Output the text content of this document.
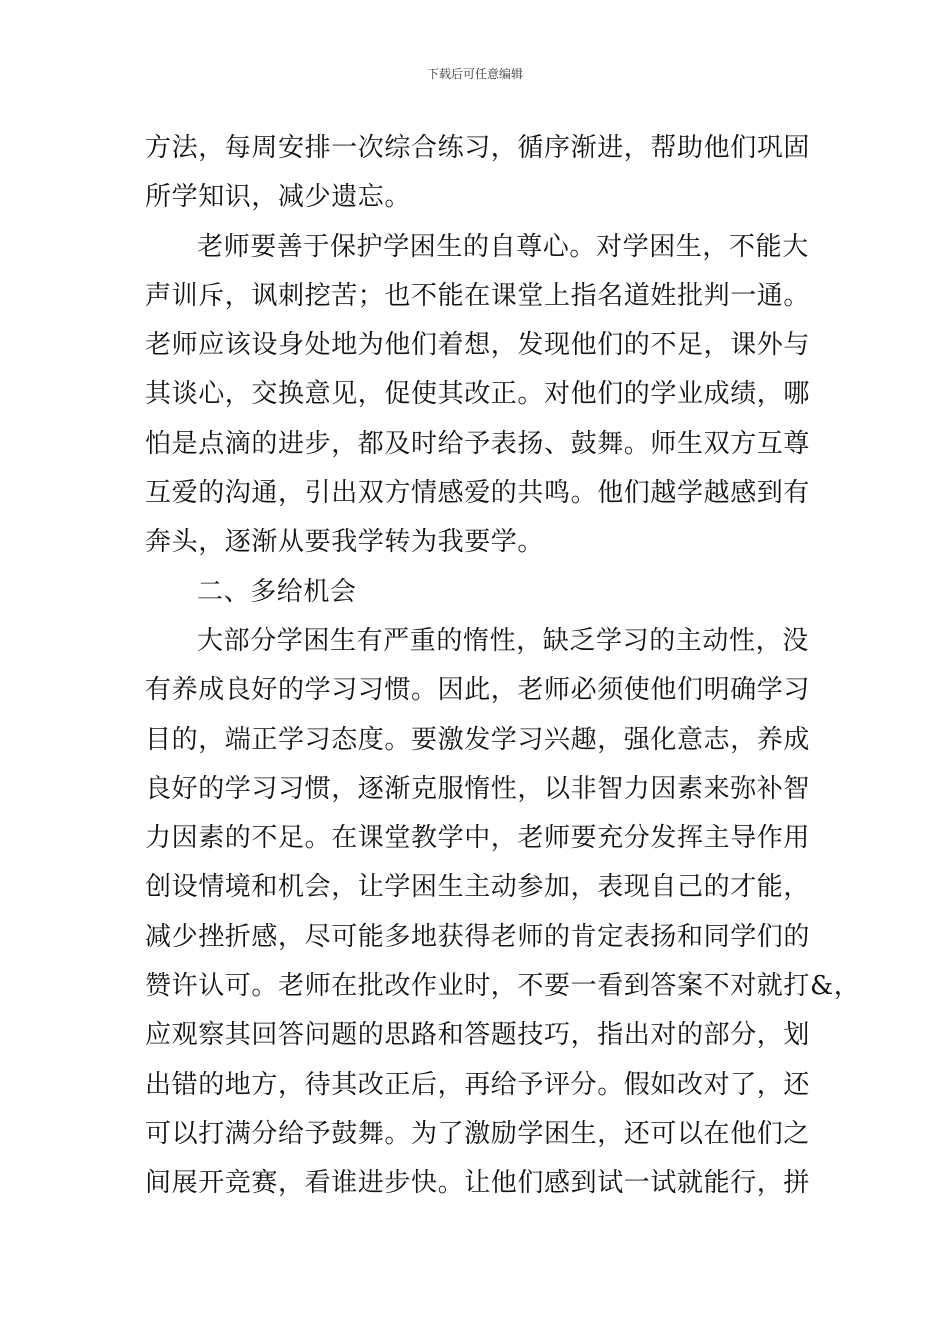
下载后可任意编辑
方法，每周安排一次综合练习，循序渐进，帮助他们巩固
所学知识，减少遗忘。
老师要善于保护学困生的自尊心。对学困生，不能大
声训斥，讽刺挖苦；也不能在课堂上指名道姓批判一通。
老师应该设身处地为他们着想，发现他们的不足，课外与
其谈心，交换意见，促使其改正。对他们的学业成绩，哪
怕是点滴的进步，都及时给予表扬、鼓舞。师生双方互尊
互爱的沟通，引出双方情感爱的共鸣。他们越学越感到有
奔头，逐渐从要我学转为我要学。
二、多给机会
大部分学困生有严重的惰性，缺乏学习的主动性，没
有养成良好的学习习惯。因此，老师必须使他们明确学习
目的，端正学习态度。要激发学习兴趣，强化意志，养成
良好的学习习惯，逐渐克服惰性，以非智力因素来弥补智
力因素的不足。在课堂教学中，老师要充分发挥主导作用
创设情境和机会，让学困生主动参加，表现自己的才能，
减少挫折感，尽可能多地获得老师的肯定表扬和同学们的
赞许认可。老师在批改作业时，不要一看到答案不对就打&，
应观察其回答问题的思路和答题技巧，指出对的部分，划
出错的地方，待其改正后，再给予评分。假如改对了，还
可以打满分给予鼓舞。为了激励学困生，还可以在他们之
间展开竞赛，看谁进步快。让他们感到试一试就能行，拼
